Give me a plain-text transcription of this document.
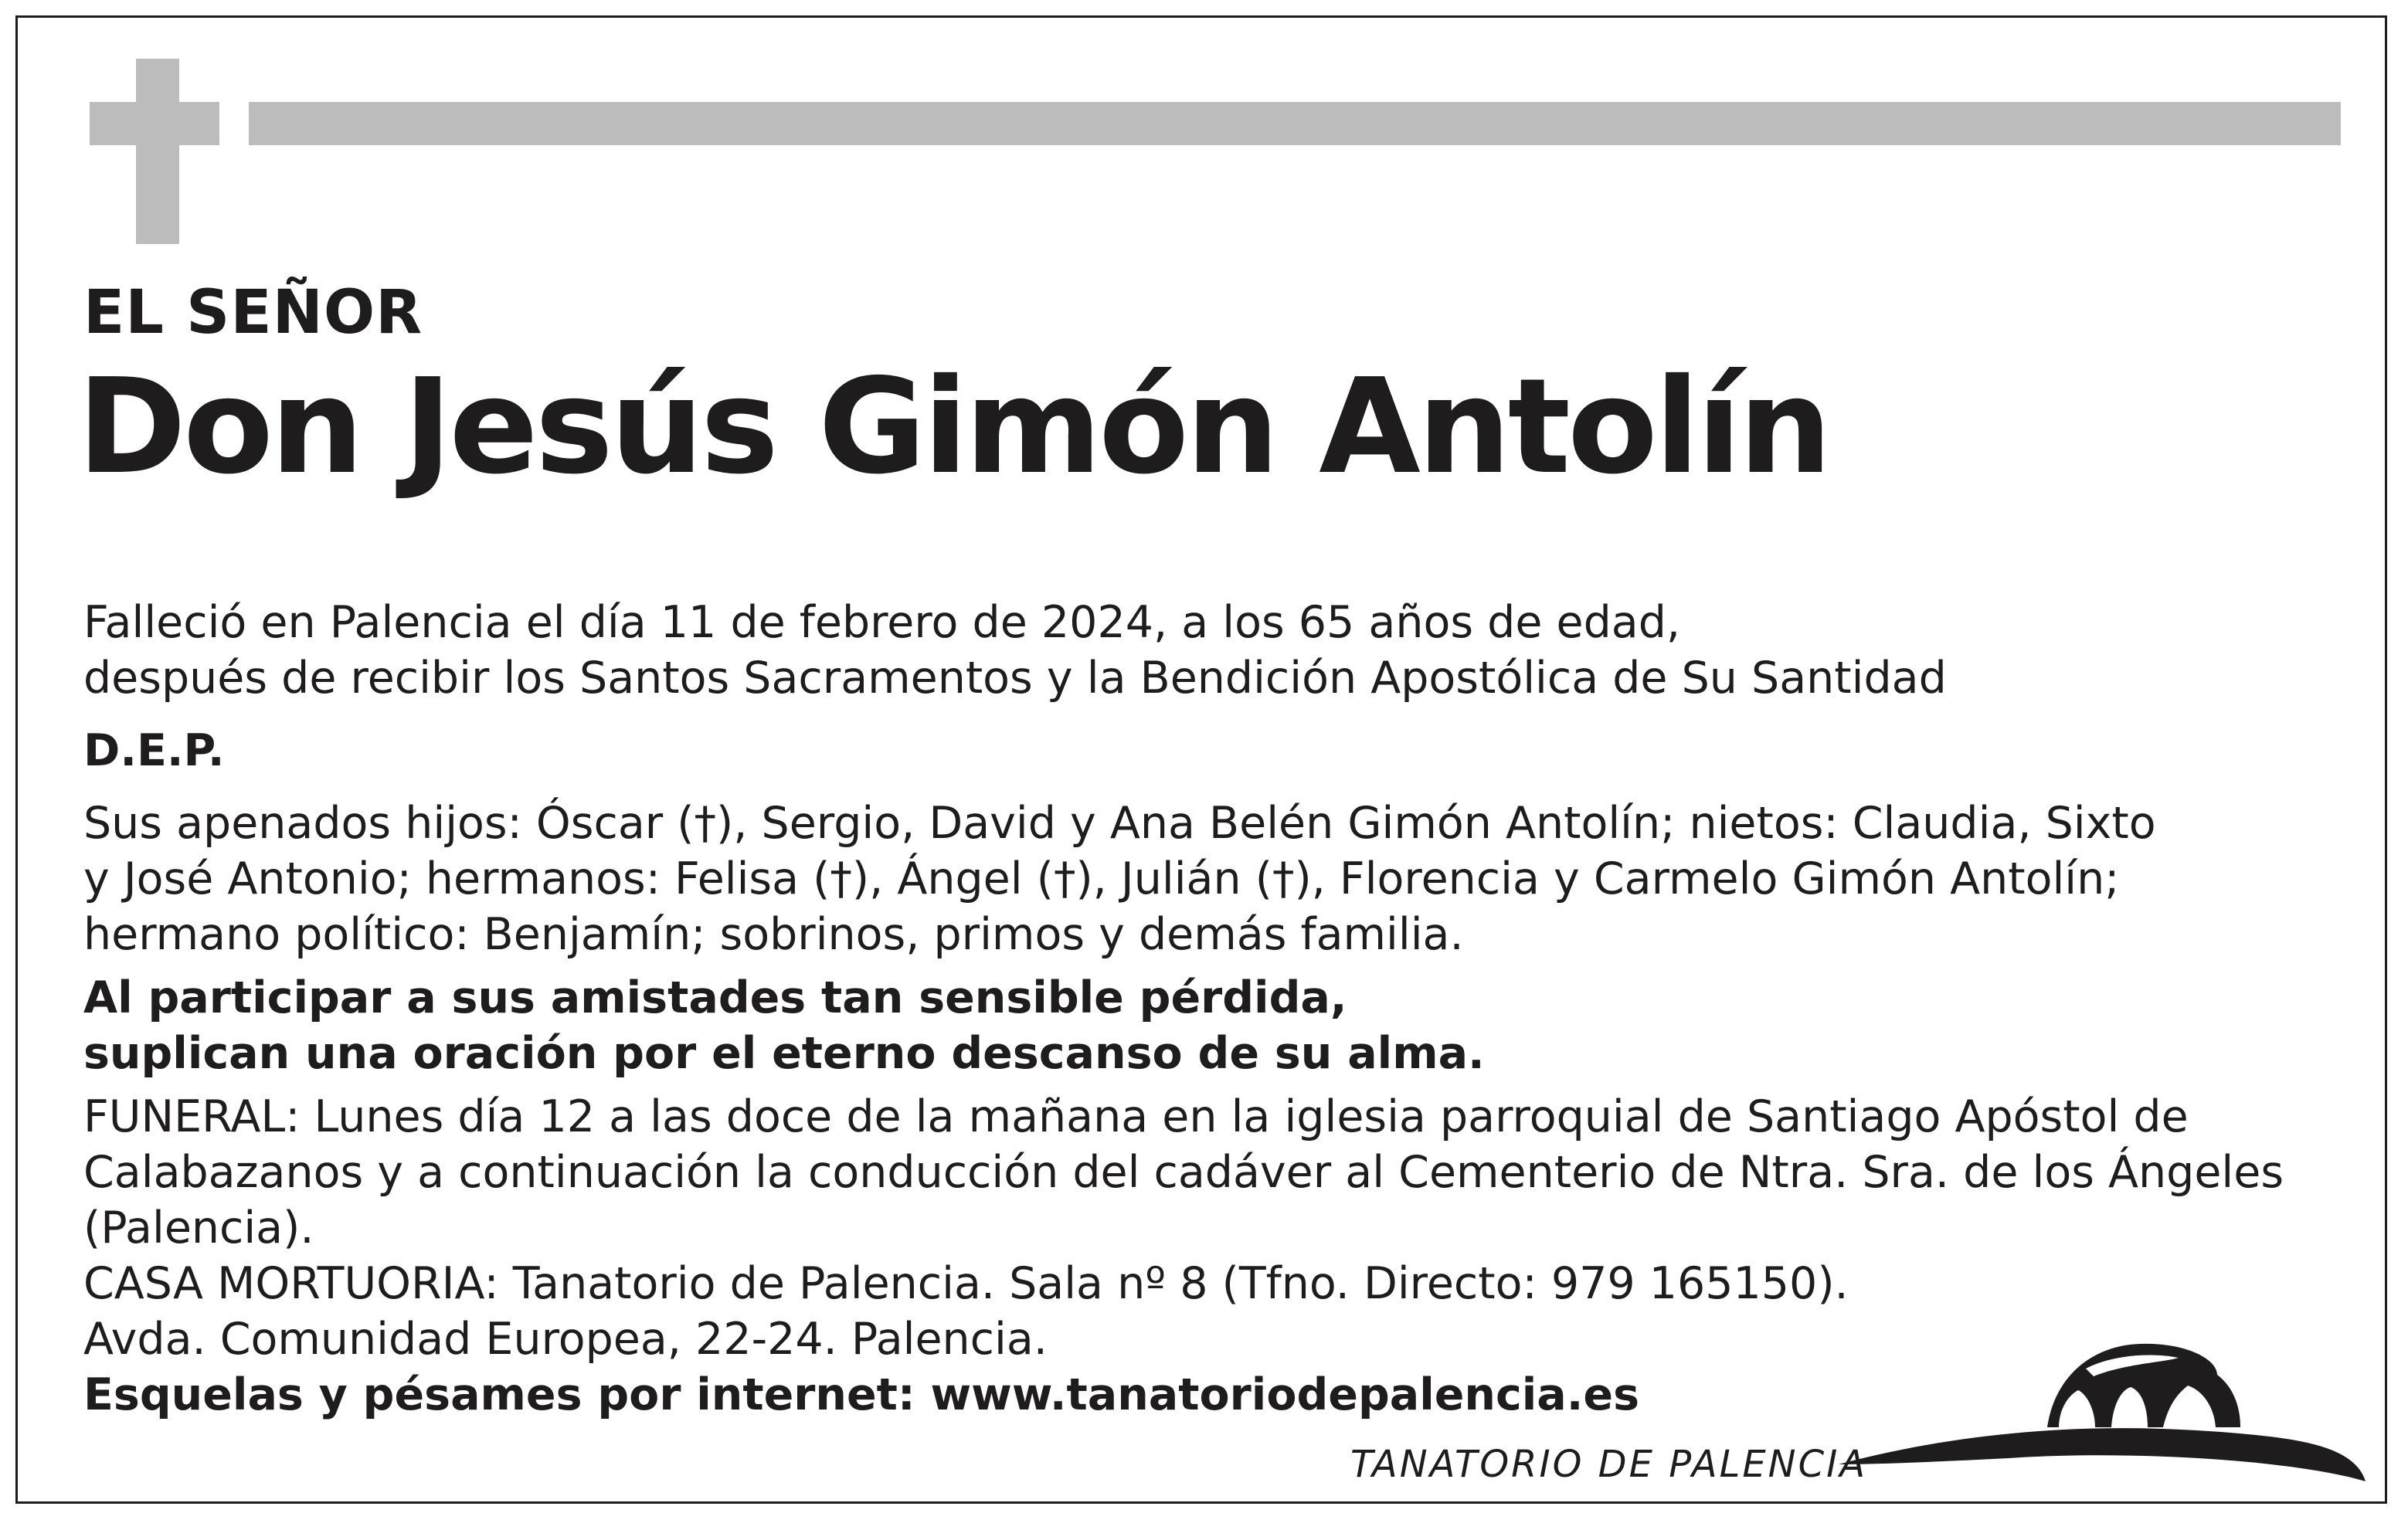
EL SEÑOR
Don Jesús Gimón Antolín

Falleció en Palencia el día 11 de febrero de 2024, a los 65 años de edad,

después de recibir los Santos Sacramentos y la Bendición Apostólica de Su Santidad

D.E.P.

Sus apenados hijos: Óscar (†), Sergio, David y Ana Belén Gimón Antolín; nietos: Claudia, Sixto

y José Antonio; hermanos: Felisa (†), Ángel (†), Julián (†), Florencia y Carmelo Gimón Antolín;

hermano político: Benjamín; sobrinos, primos y demás familia.

Al participar a sus amistades tan sensible pérdida,

suplican una oración por el eterno descanso de su alma.

FUNERAL: Lunes día 12 a las doce de la mañana en la iglesia parroquial de Santiago Apóstol de

Calabazanos y a continuación la conducción del cadáver al Cementerio de Ntra. Sra. de los Ángeles

(Palencia).

CASA MORTUORIA: Tanatorio de Palencia. Sala nº 8 (Tfno. Directo: 979 165150).

Avda. Comunidad Europea, 22-24. Palencia.

Esquelas y pésames por internet: www.tanatoriodepalencia.es

TANATORIO DE PALENCIA
